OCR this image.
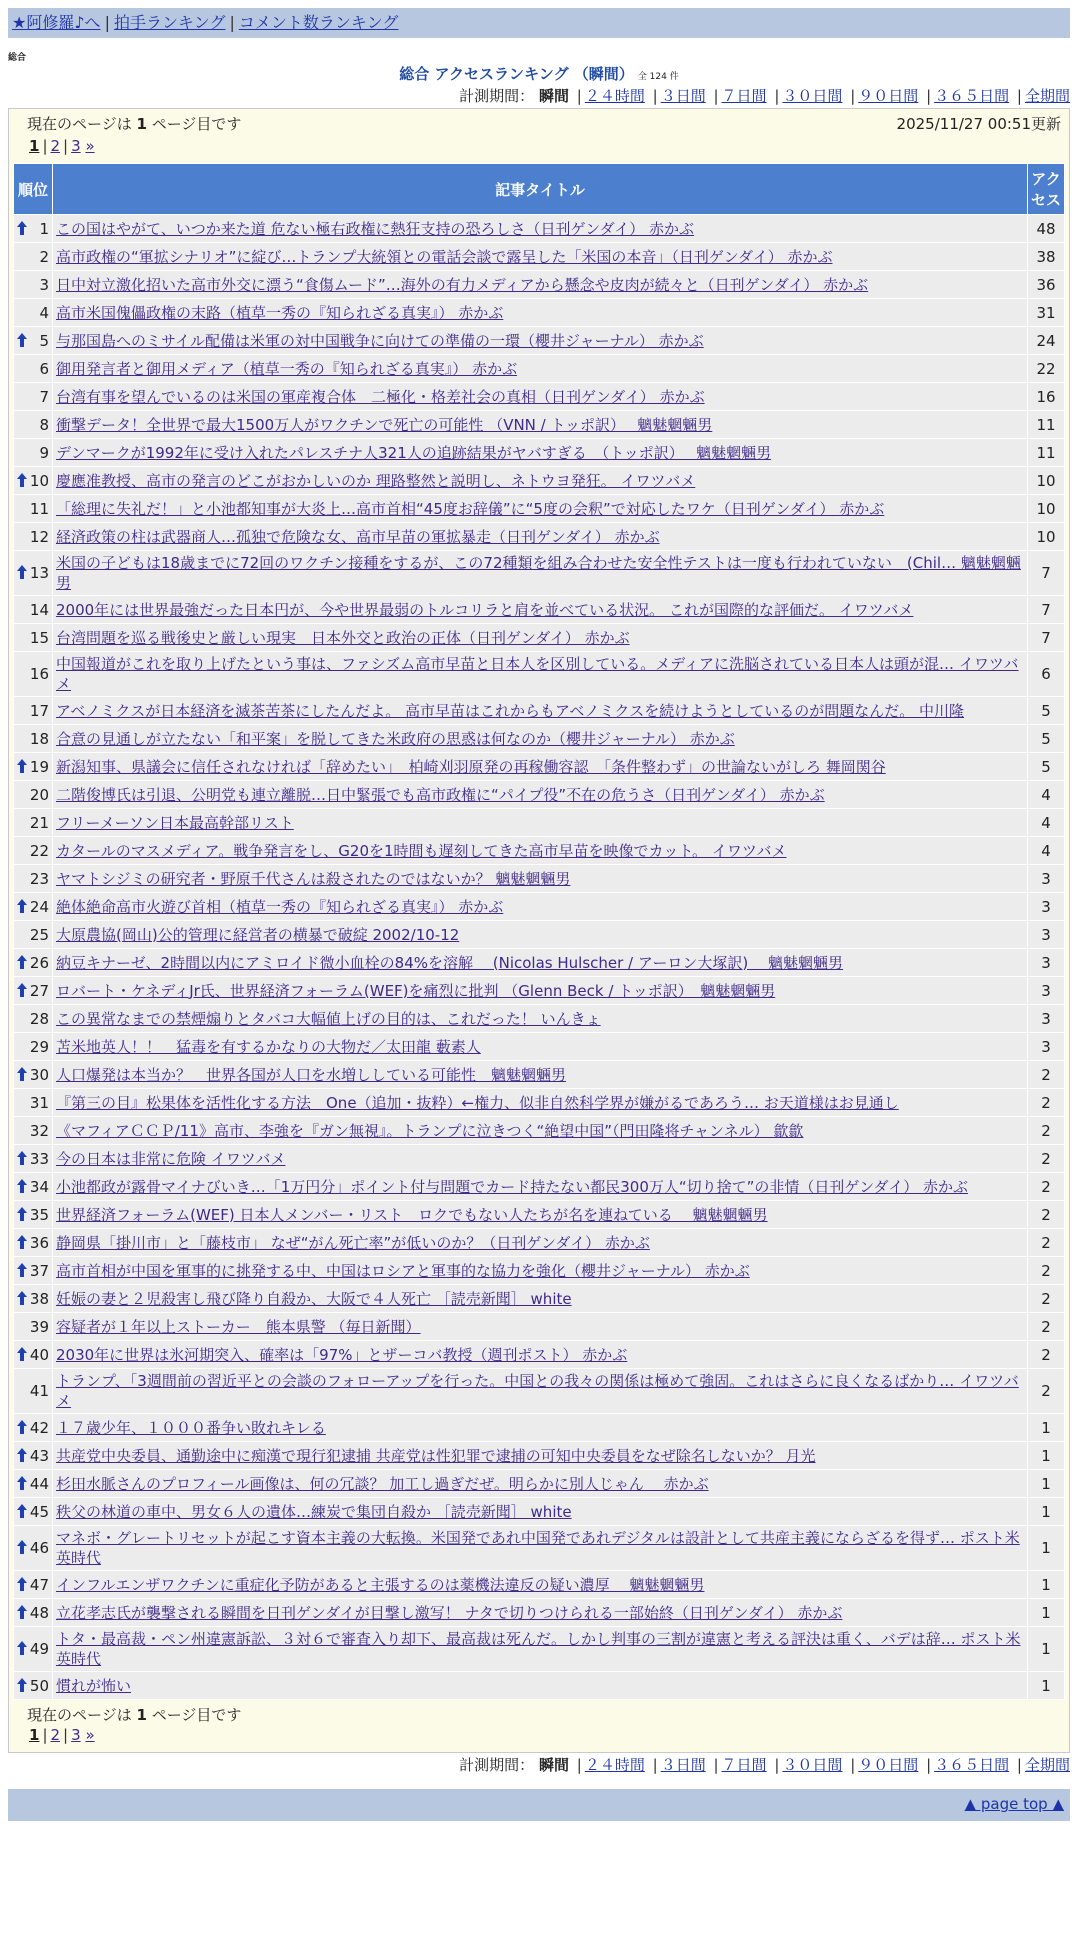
★阿修羅♪へ | 拍手ランキング | コメント数ランキング
総合
総合 アクセスランキング （瞬間） 全 124 件
計測期間： 瞬間 | ２４時間 | ３日間 | ７日間 | ３０日間 | ９０日間 | ３６５日間 | 全期間
現在のページは 1 ページ目です	2025/11/27 00:51更新
1 | 2 | 3 »
順位	記事タイトル	アクセス

1	この国はやがて、いつか来た道 危ない極右政権に熱狂支持の恐ろしさ（日刊ゲンダイ） 赤かぶ	48
2	高市政権の“軍拡シナリオ”に綻び…トランプ大統領との電話会談で露呈した「米国の本音」（日刊ゲンダイ） 赤かぶ	38
3	日中対立激化招いた高市外交に漂う“食傷ムード”…海外の有力メディアから懸念や皮肉が続々と（日刊ゲンダイ） 赤かぶ	36
4	高市米国傀儡政権の末路（植草一秀の『知られざる真実』） 赤かぶ	31

5	与那国島へのミサイル配備は米軍の対中国戦争に向けての準備の一環（櫻井ジャーナル） 赤かぶ	24
6	御用発言者と御用メディア（植草一秀の『知られざる真実』） 赤かぶ	22
7	台湾有事を望んでいるのは米国の軍産複合体　二極化・格差社会の真相（日刊ゲンダイ） 赤かぶ	16
8	衝撃データ！全世界で最大1500万人がワクチンで死亡の可能性 （VNN / トッポ訳）　 魑魅魍魎男	11
9	デンマークが1992年に受け入れたパレスチナ人321人の追跡結果がヤバすぎる　（トッポ訳）　 魑魅魍魎男	11

10	慶應准教授、高市の発言のどこがおかしいのか 理路整然と説明し、ネトウヨ発狂。 イワツバメ	10
11	「総理に失礼だ！」と小池都知事が大炎上…高市首相“45度お辞儀”に“5度の会釈”で対応したワケ（日刊ゲンダイ） 赤かぶ	10
12	経済政策の柱は武器商人…孤独で危険な女、高市早苗の軍拡暴走（日刊ゲンダイ） 赤かぶ	10

13	米国の子どもは18歳までに72回のワクチン接種をするが、この72種類を組み合わせた安全性テストは一度も行われていない　(Chil… 魑魅魍魎男	7
14	2000年には世界最強だった日本円が、今や世界最弱のトルコリラと肩を並べている状況。 これが国際的な評価だ。 イワツバメ	7
15	台湾問題を巡る戦後史と厳しい現実　日本外交と政治の正体（日刊ゲンダイ） 赤かぶ	7
16	中国報道がこれを取り上げたという事は、ファシズム高市早苗と日本人を区別している。メディアに洗脳されている日本人は頭が混… イワツバメ	6
17	アベノミクスが日本経済を滅茶苦茶にしたんだよ。 高市早苗はこれからもアベノミクスを続けようとしているのが問題なんだ。 中川隆	5
18	合意の見通しが立たない「和平案」を脱してきた米政府の思惑は何なのか（櫻井ジャーナル） 赤かぶ	5

19	新潟知事、県議会に信任されなければ「辞めたい」　柏崎刈羽原発の再稼働容認　「条件整わず」の世論ないがしろ 舞岡関谷	5
20	二階俊博氏は引退、公明党も連立離脱…日中緊張でも高市政権に“パイプ役”不在の危うさ（日刊ゲンダイ） 赤かぶ	4
21	フリーメーソン日本最高幹部リスト	4
22	カタールのマスメディア。戦争発言をし、G20を1時間も遅刻してきた高市早苗を映像でカット。 イワツバメ	4
23	ヤマトシジミの研究者・野原千代さんは殺されたのではないか？ 魑魅魍魎男	3

24	絶体絶命高市火遊び首相（植草一秀の『知られざる真実』） 赤かぶ	3
25	大原農協(岡山)公的管理に経営者の横暴で破綻 2002/10-12	3

26	納豆キナーゼ、2時間以内にアミロイド微小血栓の84%を溶解　 (Nicolas Hulscher / アーロン大塚訳)　 魑魅魍魎男	3

27	ロバート・ケネディJr氏、世界経済フォーラム(WEF)を痛烈に批判 （Glenn Beck / トッポ訳）　魑魅魍魎男	3
28	この異常なまでの禁煙煽りとタバコ大幅値上げの目的は、これだった！ いんきょ	3
29	苫米地英人！！　猛毒を有するかなりの大物だ／太田龍 藪素人	3

30	人口爆発は本当か？　世界各国が人口を水増ししている可能性　魑魅魍魎男	2
31	『第三の目』松果体を活性化する方法　One（追加・抜粋）←権力、似非自然科学界が嫌がるであろう… お天道様はお見通し	2
32	《マフィアＣＣＰ/11》高市、李強を『ガン無視』。トランプに泣きつく“絶望中国”（門田隆将チャンネル） 歙歙	2

33	今の日本は非常に危険 イワツバメ	2

34	小池都政が露骨マイナびいき…「1万円分」ポイント付与問題でカード持たない都民300万人“切り捨て”の非情（日刊ゲンダイ） 赤かぶ	2

35	世界経済フォーラム(WEF) 日本人メンバー・リスト　ロクでもない人たちが名を連ねている　 魑魅魍魎男	2

36	静岡県「掛川市」と「藤枝市」 なぜ“がん死亡率”が低いのか？（日刊ゲンダイ） 赤かぶ	2

37	高市首相が中国を軍事的に挑発する中、中国はロシアと軍事的な協力を強化（櫻井ジャーナル） 赤かぶ	2

38	妊娠の妻と２児殺害し飛び降り自殺か、大阪で４人死亡 ［読売新聞］ white	2
39	容疑者が１年以上ストーカー　熊本県警 （毎日新聞）	2

40	2030年に世界は氷河期突入、確率は「97%」とザーコバ教授（週刊ポスト） 赤かぶ	2
41	トランプ、「3週間前の習近平との会談のフォローアップを行った。中国との我々の関係は極めて強固。これはさらに良くなるばかり… イワツバメ	2

42	１７歳少年、１０００番争い敗れキレる	1

43	共産党中央委員、通勤途中に痴漢で現行犯逮捕 共産党は性犯罪で逮捕の可知中央委員をなぜ除名しないか？ 月光	1

44	杉田水脈さんのプロフィール画像は、何の冗談？ 加工し過ぎだぜ。明らかに別人じゃん　 赤かぶ	1

45	秩父の林道の車中、男女６人の遺体…練炭で集団自殺か ［読売新聞］ white	1

46	マネボ・グレートリセットが起こす資本主義の大転換。米国発であれ中国発であれデジタルは設計として共産主義にならざるを得ず… ポスト米英時代	1

47	インフルエンザワクチンに重症化予防があると主張するのは薬機法違反の疑い濃厚　 魑魅魍魎男	1

48	立花孝志氏が襲撃される瞬間を日刊ゲンダイが目撃し激写！ ナタで切りつけられる一部始終（日刊ゲンダイ） 赤かぶ	1

49	トタ・最高裁・ペン州違憲訴訟、３対６で審査入り却下、最高裁は死んだ。しかし判事の三割が違憲と考える評決は重く、バデは辞… ポスト米英時代	1

50	慣れが怖い	1
現在のページは 1 ページ目です
1 | 2 | 3 »
計測期間： 瞬間 | ２４時間 | ３日間 | ７日間 | ３０日間 | ９０日間 | ３６５日間 | 全期間
▲ page top ▲
